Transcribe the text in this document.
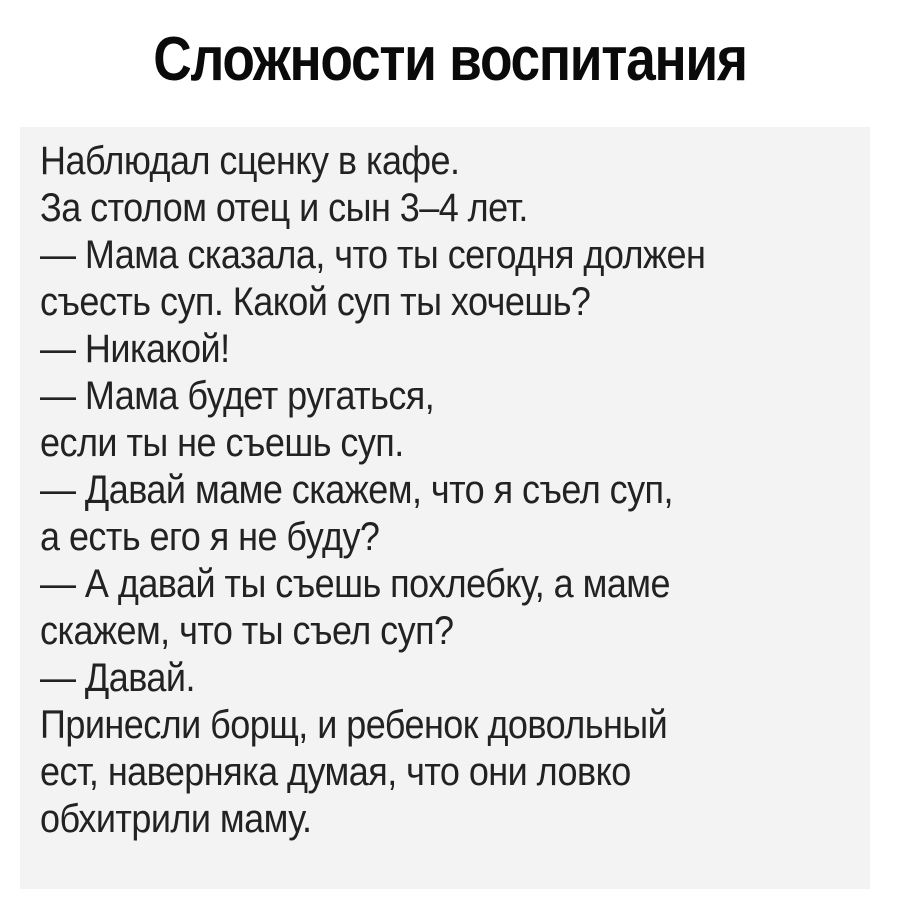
Сложности воспитания
Наблюдал сценку в кафе.
За столом отец и сын 3–4 лет.
— Мама сказала, что ты сегодня должен
съесть суп. Какой суп ты хочешь?
— Никакой!
— Мама будет ругаться,
если ты не съешь суп.
— Давай маме скажем, что я съел суп,
а есть его я не буду?
— А давай ты съешь похлебку, а маме
скажем, что ты съел суп?
— Давай.
Принесли борщ, и ребенок довольный
ест, наверняка думая, что они ловко
обхитрили маму.
